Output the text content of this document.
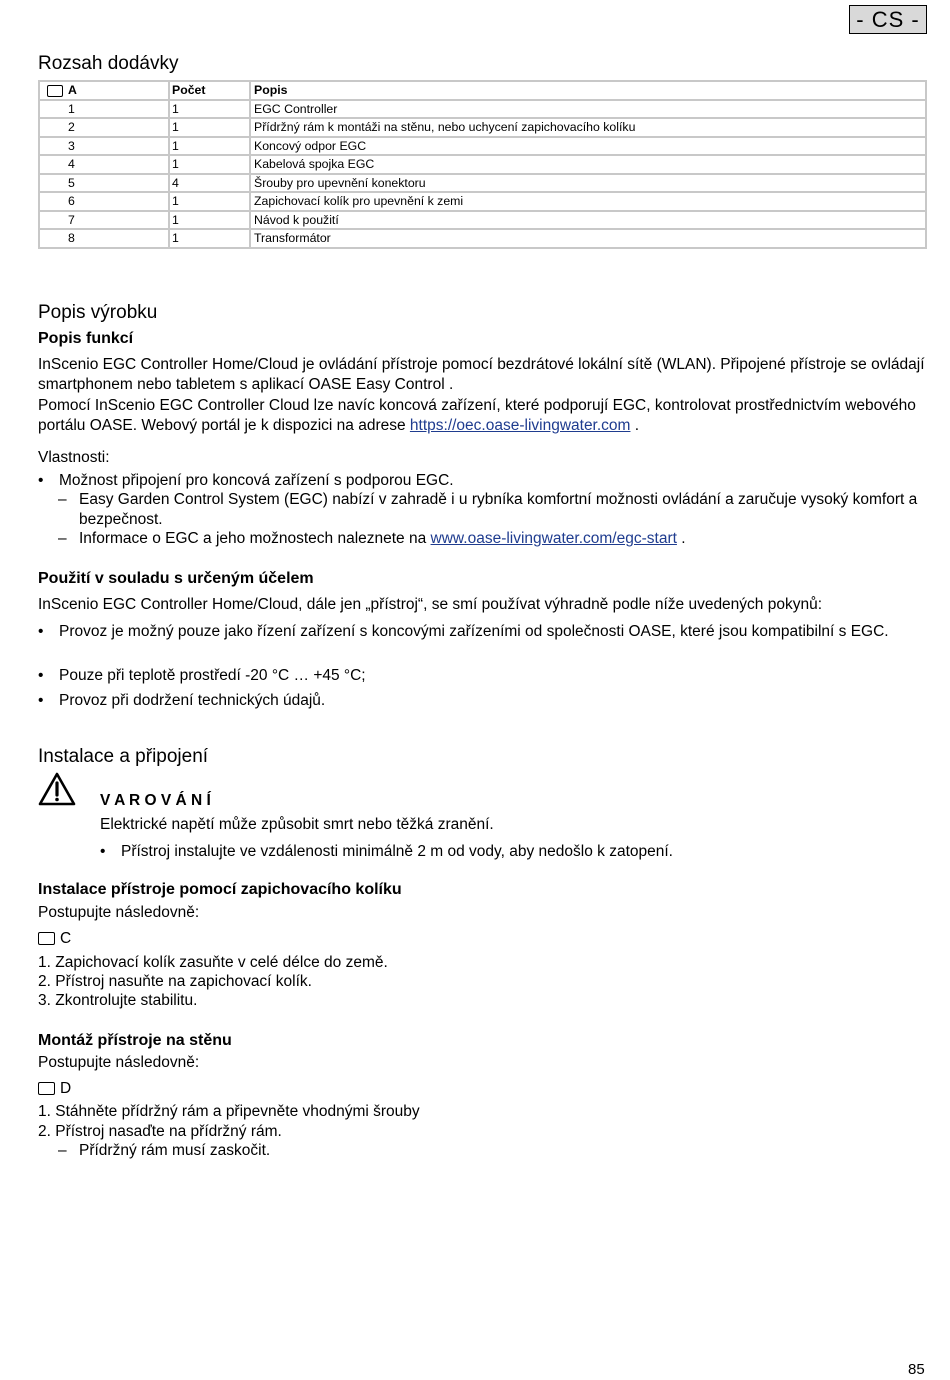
- CS -
Rozsah dodávky
A	Počet	Popis
1	1	EGC Controller
2	1	Přídržný rám k montáži na stěnu, nebo uchycení zapichovacího kolíku
3	1	Koncový odpor EGC
4	1	Kabelová spojka EGC
5	4	Šrouby pro upevnění konektoru
6	1	Zapichovací kolík pro upevnění k zemi
7	1	Návod k použití
8	1	Transformátor
Popis výrobku
Popis funkcí

InScenio EGC Controller Home/Cloud je ovládání přístroje pomocí bezdrátové lokální sítě (WLAN). Připojené přístroje se ovládají smartphonem nebo tabletem s aplikací OASE Easy Control .

Pomocí InScenio EGC Controller Cloud lze navíc koncová zařízení, které podporují EGC, kontrolovat prostřednictvím webového portálu OASE. Webový portál je k dispozici na adrese https://oec.oase-livingwater.com .

Vlastnosti:

• Možnost připojení pro koncová zařízení s podporou EGC.
– Easy Garden Control System (EGC) nabízí v zahradě i u rybníka komfortní možnosti ovládání a zaručuje vysoký komfort a bezpečnost.
– Informace o EGC a jeho možnostech naleznete na www.oase-livingwater.com/egc-start .
Použití v souladu s určeným účelem

InScenio EGC Controller Home/Cloud, dále jen „přístroj“, se smí používat výhradně podle níže uvedených pokynů:

• Provoz je možný pouze jako řízení zařízení s koncovými zařízeními od společnosti OASE, které jsou kompatibilní s EGC.
• Pouze při teplotě prostředí -20 °C … +45 °C;
• Provoz při dodržení technických údajů.
Instalace a připojení

V A R O V Á N Í

Elektrické napětí může způsobit smrt nebo těžká zranění.

• Přístroj instalujte ve vzdálenosti minimálně 2 m od vody, aby nedošlo k zatopení.
Instalace přístroje pomocí zapichovacího kolíku

Postupujte následovně:

C

1. Zapichovací kolík zasuňte v celé délce do země.

2. Přístroj nasuňte na zapichovací kolík.

3. Zkontrolujte stabilitu.

Montáž přístroje na stěnu

Postupujte následovně:

D

1. Stáhněte přídržný rám a připevněte vhodnými šrouby

2. Přístroj nasaďte na přídržný rám.

– Přídržný rám musí zaskočit.
85
